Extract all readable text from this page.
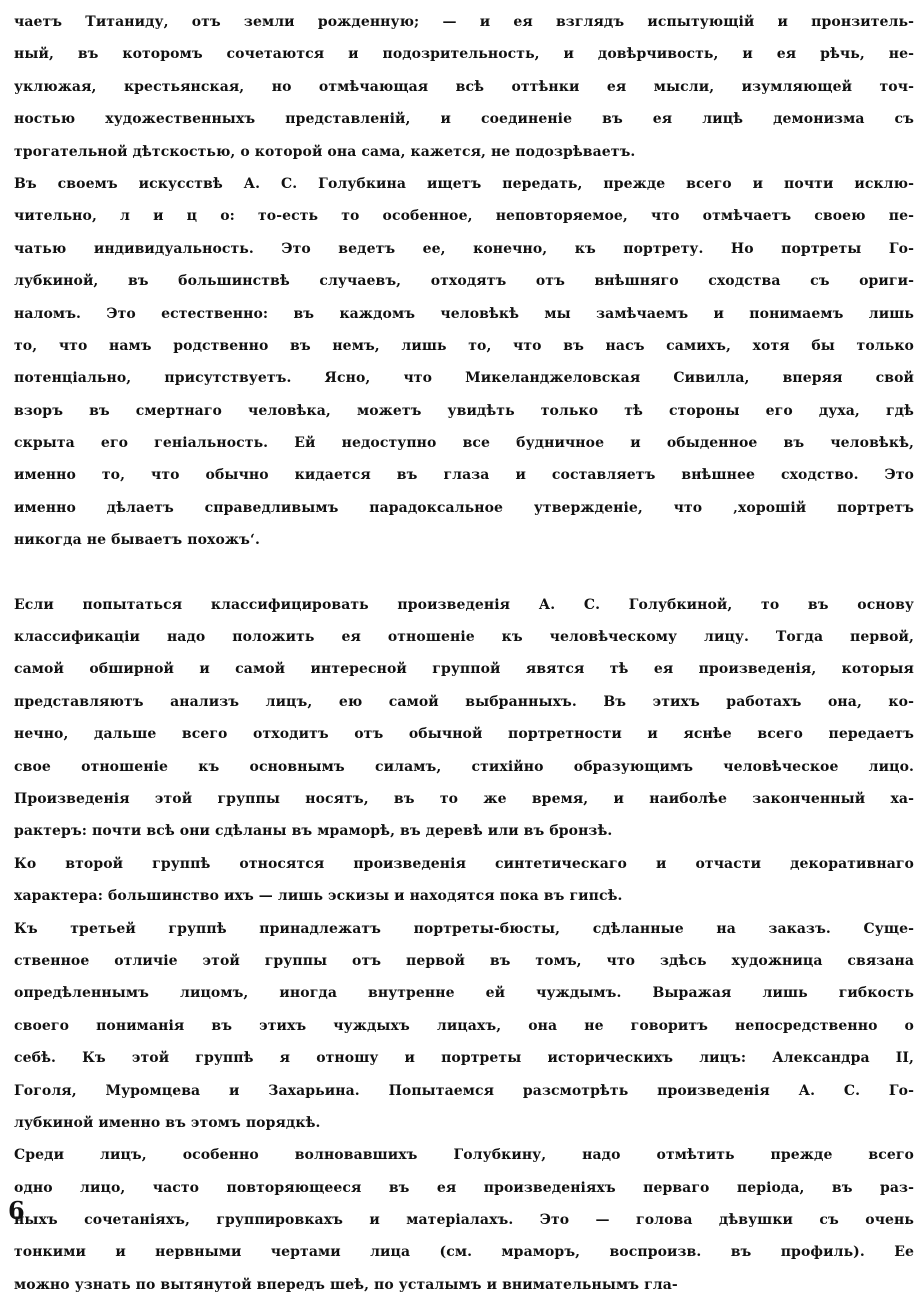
чаетъ Титаниду, отъ земли рожденную; — и ея взглядъ испытующій и пронзитель-
ный, въ которомъ сочетаются и подозрительность, и довѣрчивость, и ея рѣчь, не-
уклюжая, крестьянская, но отмѣчающая всѣ оттѣнки ея мысли, изумляющей точ-
ностью художественныхъ представленій, и соединеніе въ ея лицѣ демонизма съ
трогательной дѣтскостью, о которой она сама, кажется, не подозрѣваетъ.
Въ своемъ искусствѣ А. С. Голубкина ищетъ передать, прежде всего и почти исклю-
чительно, л и ц о: то-есть то особенное, неповторяемое, что отмѣчаетъ своею пе-
чатью индивидуальность. Это ведетъ ее, конечно, къ портрету. Но портреты Го-
лубкиной, въ большинствѣ случаевъ, отходятъ отъ внѣшняго сходства съ ориги-
наломъ. Это естественно: въ каждомъ человѣкѣ мы замѣчаемъ и понимаемъ лишь
то, что намъ родственно въ немъ, лишь то, что въ насъ самихъ, хотя бы только
потенціально, присутствуетъ. Ясно, что Микеланджеловская Сивилла, вперяя свой
взоръ въ смертнаго человѣка, можетъ увидѣть только тѣ стороны его духа, гдѣ
скрыта его геніальность. Ей недоступно все будничное и обыденное въ человѣкѣ,
именно то, что обычно кидается въ глаза и составляетъ внѣшнее сходство. Это
именно дѣлаетъ справедливымъ парадоксальное утвержденіе, что ‚хорошій портретъ
никогда не бываетъ похожъ‘.
Если попытаться классифицировать произведенія А. С. Голубкиной, то въ основу
классификаціи надо положить ея отношеніе къ человѣческому лицу. Тогда первой,
самой обширной и самой интересной группой явятся тѣ ея произведенія, которыя
представляютъ анализъ лицъ, ею самой выбранныхъ. Въ этихъ работахъ она, ко-
нечно, дальше всего отходитъ отъ обычной портретности и яснѣе всего передаетъ
свое отношеніе къ основнымъ силамъ, стихійно образующимъ человѣческое лицо.
Произведенія этой группы носятъ, въ то же время, и наиболѣе законченный ха-
рактеръ: почти всѣ они сдѣланы въ мраморѣ, въ деревѣ или въ бронзѣ.
Ко второй группѣ относятся произведенія синтетическаго и отчасти декоративнаго
характера: большинство ихъ — лишь эскизы и находятся пока въ гипсѣ.
Къ третьей группѣ принадлежатъ портреты-бюсты, сдѣланные на заказъ. Суще-
ственное отличіе этой группы отъ первой въ томъ, что здѣсь художница связана
опредѣленнымъ лицомъ, иногда внутренне ей чуждымъ. Выражая лишь гибкость
своего пониманія въ этихъ чуждыхъ лицахъ, она не говоритъ непосредственно о
себѣ. Къ этой группѣ я отношу и портреты историческихъ лицъ: Александра II,
Гоголя, Муромцева и Захарьина. Попытаемся разсмотрѣть произведенія А. С. Го-
лубкиной именно въ этомъ порядкѣ.
Среди лицъ, особенно волновавшихъ Голубкину, надо отмѣтить прежде всего
одно лицо, часто повторяющееся въ ея произведеніяхъ перваго періода, въ раз-
ныхъ сочетаніяхъ, группировкахъ и матеріалахъ. Это — голова дѣвушки съ очень
тонкими и нервными чертами лица (см. мраморъ, воспроизв. въ профиль). Ее
можно узнать по вытянутой впередъ шеѣ, по усталымъ и внимательнымъ гла-
6
